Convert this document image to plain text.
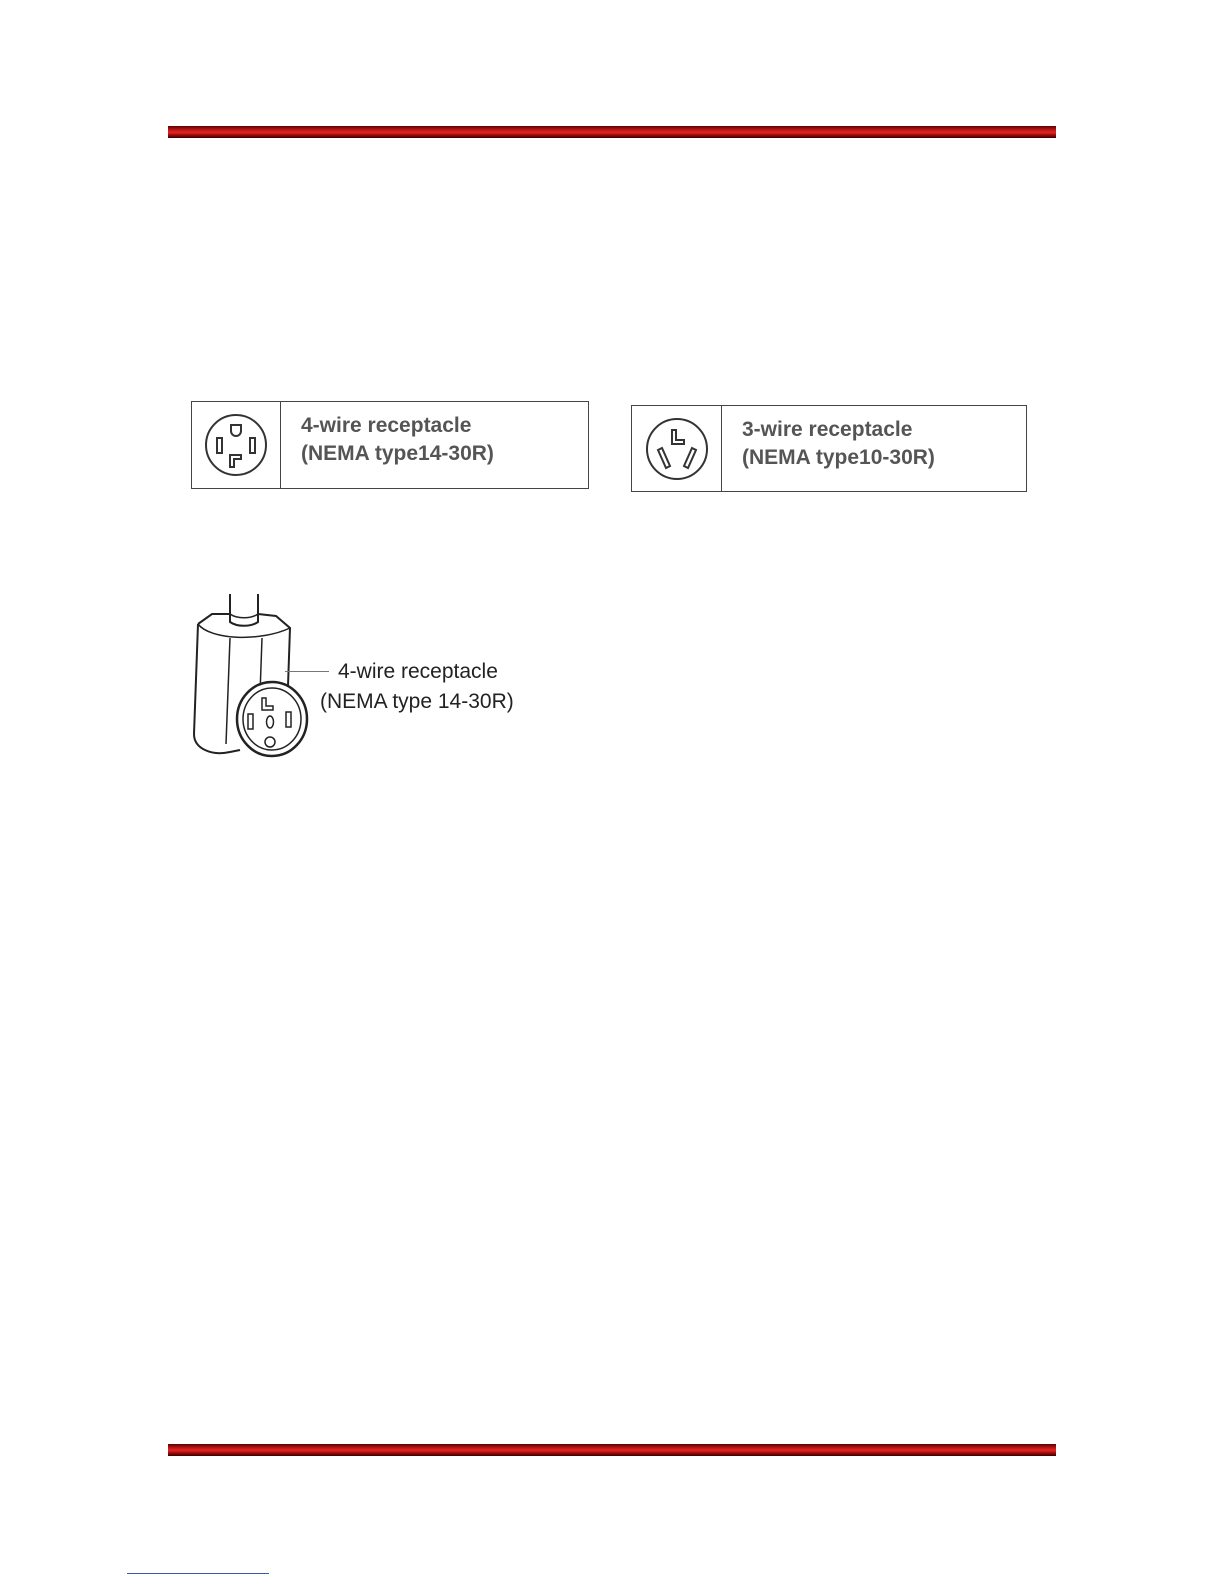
4-wire receptacle
(NEMA type14-30R)
3-wire receptacle
(NEMA type10-30R)
4-wire receptacle
(NEMA type 14-30R)
